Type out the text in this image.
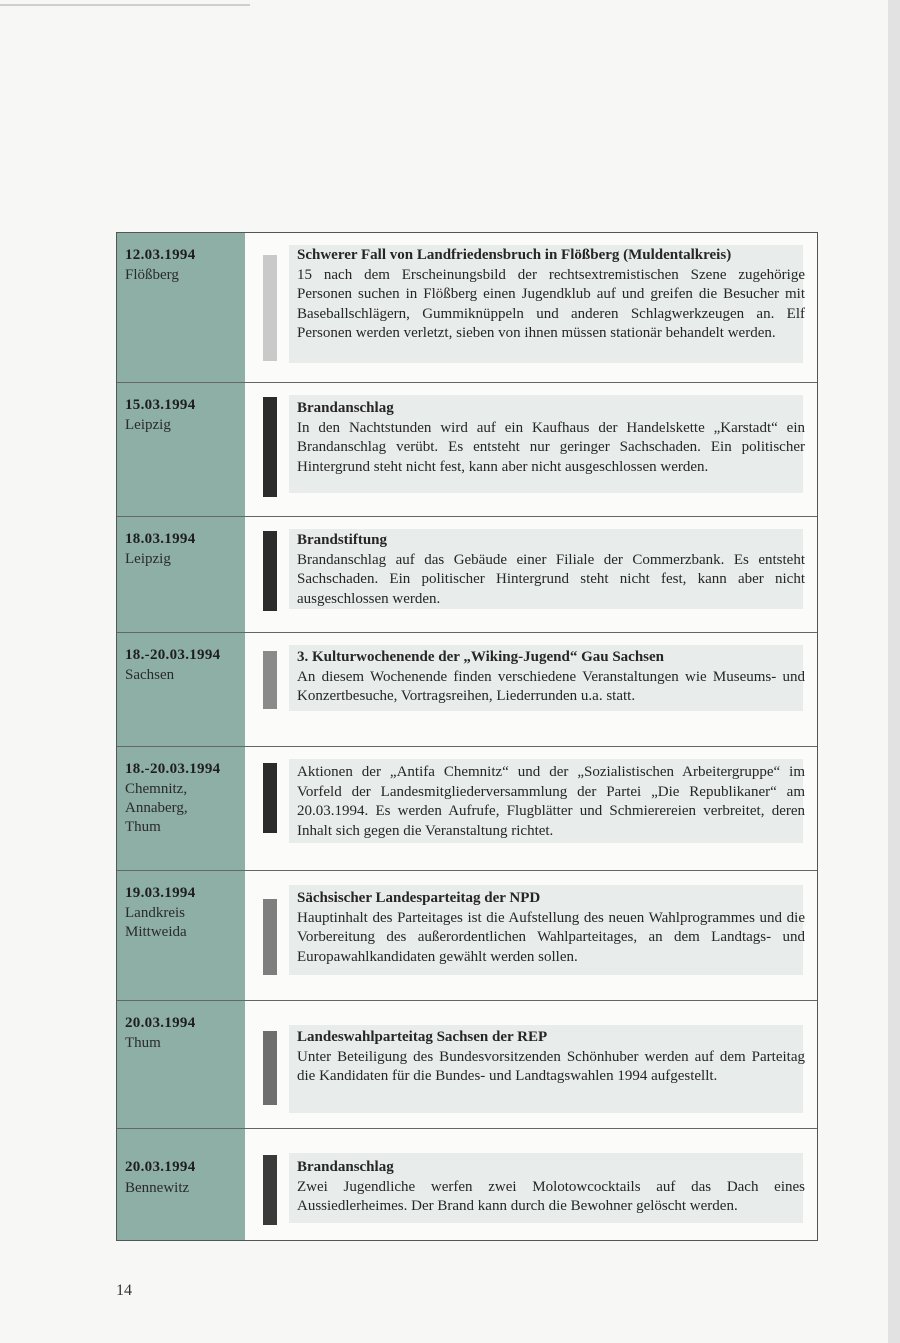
12.03.1994
Flößberg
Schwerer Fall von Landfriedensbruch in Flößberg (Muldentalkreis)
15 nach dem Erscheinungsbild der rechtsextremistischen Szene zugehörige Personen suchen in Flößberg einen Jugendklub auf und greifen die Besucher mit Baseballschlägern, Gummiknüppeln und anderen Schlagwerkzeugen an. Elf Personen werden verletzt, sieben von ihnen müssen stationär behandelt werden.
15.03.1994
Leipzig
Brandanschlag
In den Nachtstunden wird auf ein Kaufhaus der Handelskette „Karstadt“ ein Brandanschlag verübt. Es entsteht nur geringer Sachschaden. Ein politischer Hintergrund steht nicht fest, kann aber nicht ausgeschlossen werden.
18.03.1994
Leipzig
Brandstiftung
Brandanschlag auf das Gebäude einer Filiale der Commerzbank. Es entsteht Sachschaden. Ein politischer Hintergrund steht nicht fest, kann aber nicht ausgeschlossen werden.
18.-20.03.1994
Sachsen
3. Kulturwochenende der „Wiking-Jugend“ Gau Sachsen
An diesem Wochenende finden verschiedene Veranstaltungen wie Museums- und Konzertbesuche, Vortragsreihen, Liederrunden u.a. statt.
18.-20.03.1994
Chemnitz,
Annaberg,
Thum
Aktionen der „Antifa Chemnitz“ und der „Sozialistischen Arbeitergruppe“ im Vorfeld der Landesmitgliederversammlung der Partei „Die Republikaner“ am 20.03.1994. Es werden Aufrufe, Flugblätter und Schmierereien verbreitet, deren Inhalt sich gegen die Veranstaltung richtet.
19.03.1994
Landkreis
Mittweida
Sächsischer Landesparteitag der NPD
Hauptinhalt des Parteitages ist die Aufstellung des neuen Wahlprogrammes und die Vorbereitung des außerordentlichen Wahlparteitages, an dem Landtags- und Europawahlkandidaten gewählt werden sollen.
20.03.1994
Thum	Landeswahlparteitag Sachsen der REP
Unter Beteiligung des Bundesvorsitzenden Schönhuber werden auf dem Parteitag die Kandidaten für die Bundes- und Landtagswahlen 1994 aufgestellt.
20.03.1994
Bennewitz
Brandanschlag
Zwei Jugendliche werfen zwei Molotowcocktails auf das Dach eines Aussiedlerheimes. Der Brand kann durch die Bewohner gelöscht werden.
14
